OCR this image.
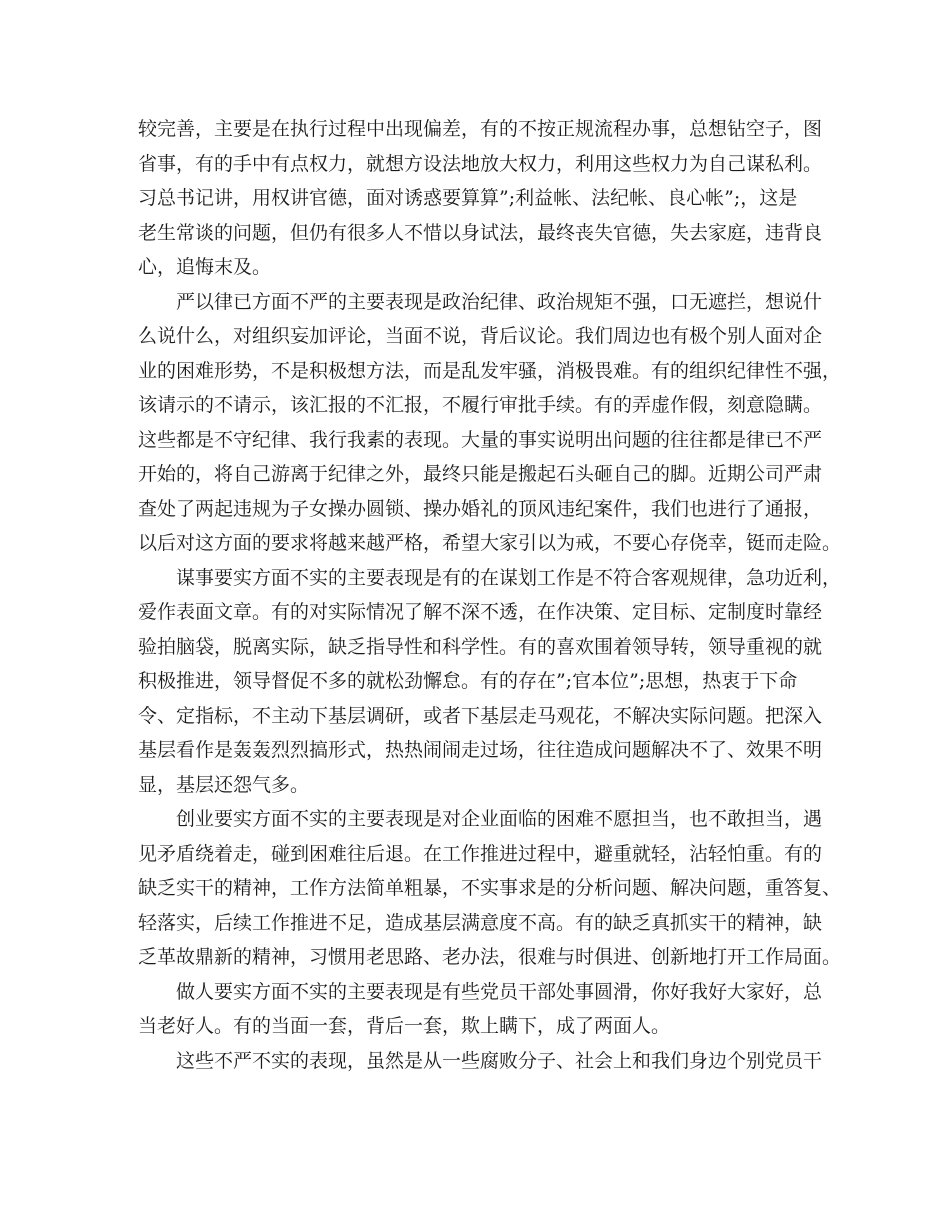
较完善，主要是在执行过程中出现偏差，有的不按正规流程办事，总想钻空子，图
省事，有的手中有点权力，就想方设法地放大权力，利用这些权力为自己谋私利。
习总书记讲，用权讲官德，面对诱惑要算算”;利益帐、法纪帐、良心帐”;，这是
老生常谈的问题，但仍有很多人不惜以身试法，最终丧失官德，失去家庭，违背良
心，追悔末及。
严以律已方面不严的主要表现是政治纪律、政治规矩不强，口无遮拦，想说什
么说什么，对组织妄加评论，当面不说，背后议论。我们周边也有极个别人面对企
业的困难形势，不是积极想方法，而是乱发牢骚，消极畏难。有的组织纪律性不强，
该请示的不请示，该汇报的不汇报，不履行审批手续。有的弄虚作假，刻意隐瞒。
这些都是不守纪律、我行我素的表现。大量的事实说明出问题的往往都是律已不严
开始的，将自己游离于纪律之外，最终只能是搬起石头砸自己的脚。近期公司严肃
查处了两起违规为子女操办圆锁、操办婚礼的顶风违纪案件，我们也进行了通报，
以后对这方面的要求将越来越严格，希望大家引以为戒，不要心存侥幸，铤而走险。
谋事要实方面不实的主要表现是有的在谋划工作是不符合客观规律，急功近利，
爱作表面文章。有的对实际情况了解不深不透，在作决策、定目标、定制度时靠经
验拍脑袋，脱离实际，缺乏指导性和科学性。有的喜欢围着领导转，领导重视的就
积极推进，领导督促不多的就松劲懈怠。有的存在”;官本位”;思想，热衷于下命
令、定指标，不主动下基层调研，或者下基层走马观花，不解决实际问题。把深入
基层看作是轰轰烈烈搞形式，热热闹闹走过场，往往造成问题解决不了、效果不明
显，基层还怨气多。
创业要实方面不实的主要表现是对企业面临的困难不愿担当，也不敢担当，遇
见矛盾绕着走，碰到困难往后退。在工作推进过程中，避重就轻，沾轻怕重。有的
缺乏实干的精神，工作方法简单粗暴，不实事求是的分析问题、解决问题，重答复、
轻落实，后续工作推进不足，造成基层满意度不高。有的缺乏真抓实干的精神，缺
乏革故鼎新的精神，习惯用老思路、老办法，很难与时俱进、创新地打开工作局面。
做人要实方面不实的主要表现是有些党员干部处事圆滑，你好我好大家好，总
当老好人。有的当面一套，背后一套，欺上瞒下，成了两面人。
这些不严不实的表现，虽然是从一些腐败分子、社会上和我们身边个别党员干
